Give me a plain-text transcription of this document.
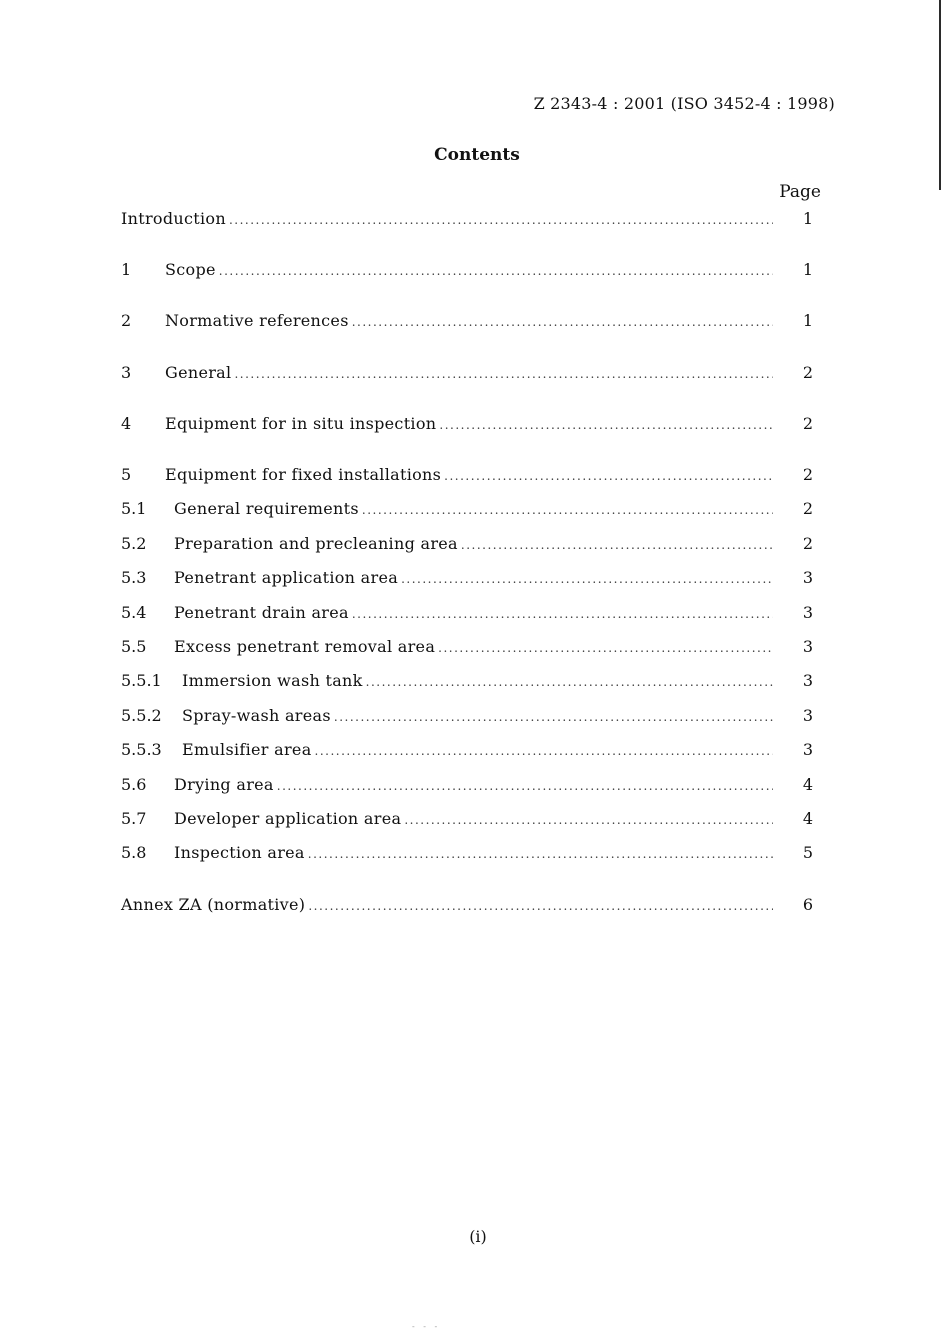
Z 2343-4 : 2001 (ISO 3452-4 : 1998)
Contents
Page
Introduction .....	1
1	Scope .....	1
2	Normative references .....	1
3	General .....	2
4	Equipment for in situ inspection .....	2
5	Equipment for fixed installations .....	2
5.1	General requirements .....	2
5.2	Preparation and precleaning area .....	2
5.3	Penetrant application area .....	3
5.4	Penetrant drain area .....	3
5.5	Excess penetrant removal area .....	3
5.5.1	Immersion wash tank .....	3
5.5.2	Spray-wash areas .....	3
5.5.3	Emulsifier area .....	3
5.6	Drying area .....	4
5.7	Developer application area .....	4
5.8	Inspection area .....	5
Annex ZA (normative) .....	6
(i)
- - -
